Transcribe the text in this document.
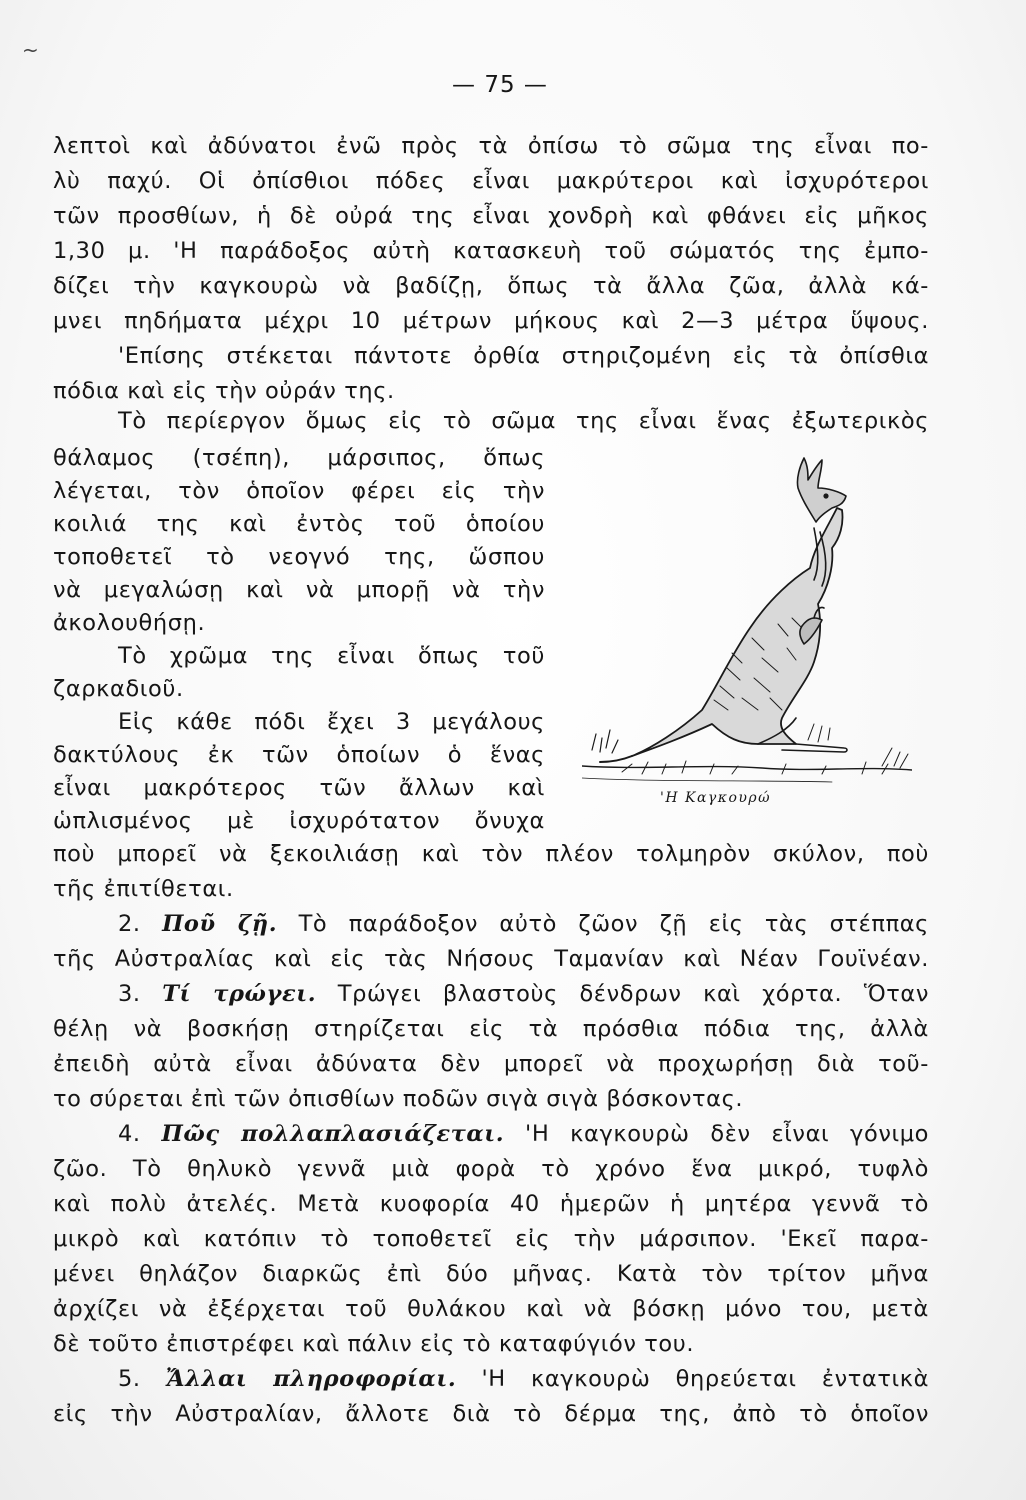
~
— 75 —
λεπτοὶ καὶ ἀδύνατοι ἐνῶ πρὸς τὰ ὀπίσω τὸ σῶμα της εἶναι πο-
λὺ παχύ. Οἱ ὀπίσθιοι πόδες εἶναι μακρύτεροι καὶ ἰσχυρότεροι
τῶν προσθίων, ἡ δὲ οὐρά της εἶναι χονδρὴ καὶ φθάνει εἰς μῆκος
1,30 μ. 'Η παράδοξος αὐτὴ κατασκευὴ τοῦ σώματός της ἐμπο-
δίζει τὴν καγκουρὼ νὰ βαδίζῃ, ὅπως τὰ ἄλλα ζῶα, ἀλλὰ κά-
μνει πηδήματα μέχρι 10 μέτρων μήκους καὶ 2—3 μέτρα ὕψους.
'Επίσης στέκεται πάντοτε ὀρθία στηριζομένη εἰς τὰ ὀπίσθια
πόδια καὶ εἰς τὴν οὐράν της.
Τὸ περίεργον ὅμως εἰς τὸ σῶμα της εἶναι ἕνας ἐξωτερικὸς
θάλαμος (τσέπη), μάρσιπος, ὅπως
λέγεται, τὸν ὁποῖον φέρει εἰς τὴν
κοιλιά της καὶ ἐντὸς τοῦ ὁποίου
τοποθετεῖ τὸ νεογνό της, ὥσπου
νὰ μεγαλώσῃ καὶ νὰ μπορῇ νὰ τὴν
ἀκολουθήσῃ.
Τὸ χρῶμα της εἶναι ὅπως τοῦ
ζαρκαδιοῦ.
Εἰς κάθε πόδι ἔχει 3 μεγάλους
δακτύλους ἐκ τῶν ὁποίων ὁ ἕνας
εἶναι μακρότερος τῶν ἄλλων καὶ
ὡπλισμένος μὲ ἰσχυρότατον ὄνυχα
ποὺ μπορεῖ νὰ ξεκοιλιάσῃ καὶ τὸν πλέον τολμηρὸν σκύλον, ποὺ
τῆς ἐπιτίθεται.
'Η Καγκουρώ
2. Ποῦ ζῇ. Τὸ παράδοξον αὐτὸ ζῶον ζῇ εἰς τὰς στέππας
τῆς Αὐστραλίας καὶ εἰς τὰς Νήσους Ταμανίαν καὶ Νέαν Γουϊνέαν.
3. Τί τρώγει. Τρώγει βλαστοὺς δένδρων καὶ χόρτα. Ὅταν
θέλῃ νὰ βοσκήσῃ στηρίζεται εἰς τὰ πρόσθια πόδια της, ἀλλὰ
ἐπειδὴ αὐτὰ εἶναι ἀδύνατα δὲν μπορεῖ νὰ προχωρήσῃ διὰ τοῦ-
το σύρεται ἐπὶ τῶν ὀπισθίων ποδῶν σιγὰ σιγὰ βόσκοντας.
4. Πῶς πολλαπλασιάζεται. 'Η καγκουρὼ δὲν εἶναι γόνιμο
ζῶο. Τὸ θηλυκὸ γεννᾶ μιὰ φορὰ τὸ χρόνο ἕνα μικρό, τυφλὸ
καὶ πολὺ ἀτελές. Μετὰ κυοφορία 40 ἡμερῶν ἡ μητέρα γεννᾶ τὸ
μικρὸ καὶ κατόπιν τὸ τοποθετεῖ εἰς τὴν μάρσιπον. 'Εκεῖ παρα-
μένει θηλάζον διαρκῶς ἐπὶ δύο μῆνας. Κατὰ τὸν τρίτον μῆνα
ἀρχίζει νὰ ἐξέρχεται τοῦ θυλάκου καὶ νὰ βόσκῃ μόνο του, μετὰ
δὲ τοῦτο ἐπιστρέφει καὶ πάλιν εἰς τὸ καταφύγιόν του.
5. Ἄλλαι πληροφορίαι. 'Η καγκουρὼ θηρεύεται ἐντατικὰ
εἰς τὴν Αὐστραλίαν, ἄλλοτε διὰ τὸ δέρμα της, ἀπὸ τὸ ὁποῖον
